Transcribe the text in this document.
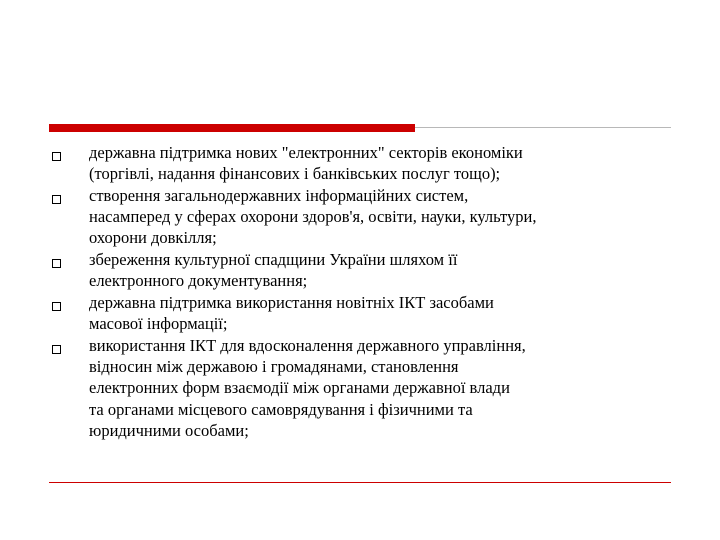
державна підтримка нових "електронних" секторів економіки
(торгівлі, надання фінансових і банківських послуг тощо);
створення загальнодержавних інформаційних систем,
насамперед у сферах охорони здоров'я, освіти, науки, культури,
охорони довкілля;
збереження культурної спадщини України шляхом її
електронного документування;
державна підтримка використання новітніх ІКТ засобами
масової інформації;
використання ІКТ для вдосконалення державного управління,
відносин між державою і громадянами, становлення
електронних форм взаємодії між органами державної влади
та органами місцевого самоврядування і фізичними та
юридичними особами;
